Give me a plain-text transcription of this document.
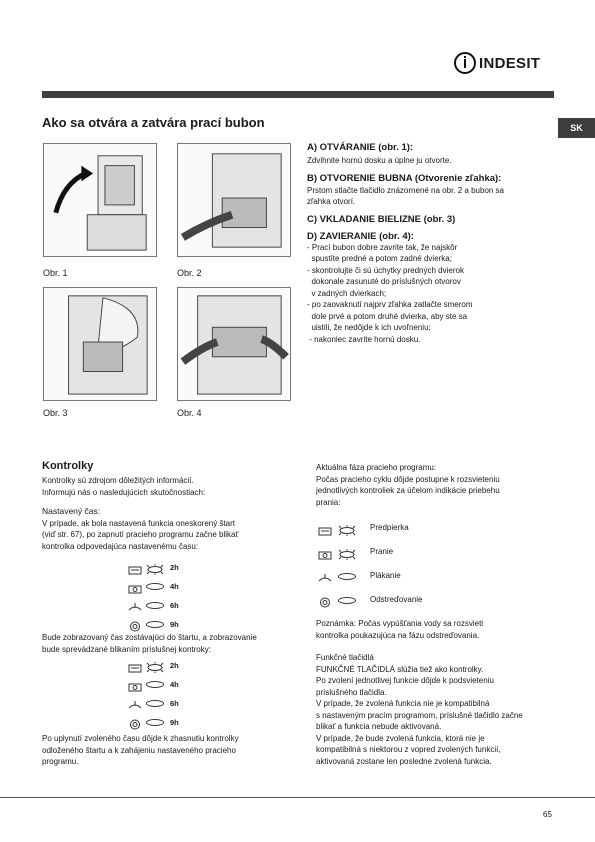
INDESIT
SK
Ako sa otvára a zatvára prací bubon
Obr. 1	Obr. 2
Obr. 3	Obr. 4
A) OTVÁRANIE (obr. 1):
Zdvihnite hornú dosku a úplne ju otvorte.
B) OTVORENIE BUBNA (Otvorenie zľahka):
Prstom stlačte tlačidlo znázornené na obr. 2 a bubon sa
zľahka otvorí.
C) VKLADANIE BIELIZNE (obr. 3)
D) ZAVIERANIE (obr. 4):
- Prací bubon dobre zavrite tak, že najskôr
spustíte predné a potom zadné dvierka;
- skontrolujte či sú úchytky predných dvierok
dokonale zasunuté do príslušných otvorov
v zadných dvierkach;
- po zaovaknutí najprv zľahka zatlačte smerom
dole prvé a potom druhé dvierka, aby ste sa
uistili, že nedôjde k ich uvoľneniu;
- nakoniec zavrite hornú dosku.
Kontrolky
Kontrolky sú zdrojom dôležitých informácií.
Informujú nás o nasledujúcich skutočnostiach:
Nastavený čas:
V prípade, ak bola nastavená funkcia oneskorený štart
(viď str. 67), po zapnutí pracieho programu začne blikať
kontrolka odpovedajúca nastavenému času:
2h
4h
6h
9h
Bude zobrazovaný čas zostávajúci do štartu, a zobrazovanie
bude sprevádzané blikaním príslušnej kontroky:
2h
4h
6h
9h
Po uplynutí zvoleného času dôjde k zhasnutiu kontrolky
odloženého štartu a k zahájeniu nastaveného pracieho
programu.
Aktuálna fáza pracieho programu:
Počas pracieho cyklu dôjde postupne k rozsvieteniu
jednotlivých kontroliek za účelom indikácie priebehu
prania:
Predpierka
Pranie
Plákanie
Odstreďovanie
Poznámka: Počas vypúšťania vody sa rozsvieti
kontrolka poukazujúca na fázu odstreďovania.
Funkčné tlačidlá
FUNKČNÉ TLAČIDLÁ slúžia tiež ako kontrolky.
Po zvolení jednotlivej funkcie dôjde k podsvieteniu
príslušného tlačidla.
V prípade, že zvolená funkcia nie je kompatibilná
s nastaveným pracím programom, príslušné tlačidlo začne
blikať a funkcia nebude aktivovaná.
V prípade, že bude zvolená funkcia, ktorá nie je
kompatibilná s niektorou z vopred zvolených funkcií,
aktivovaná zostane len posledne zvolená funkcia.
65
